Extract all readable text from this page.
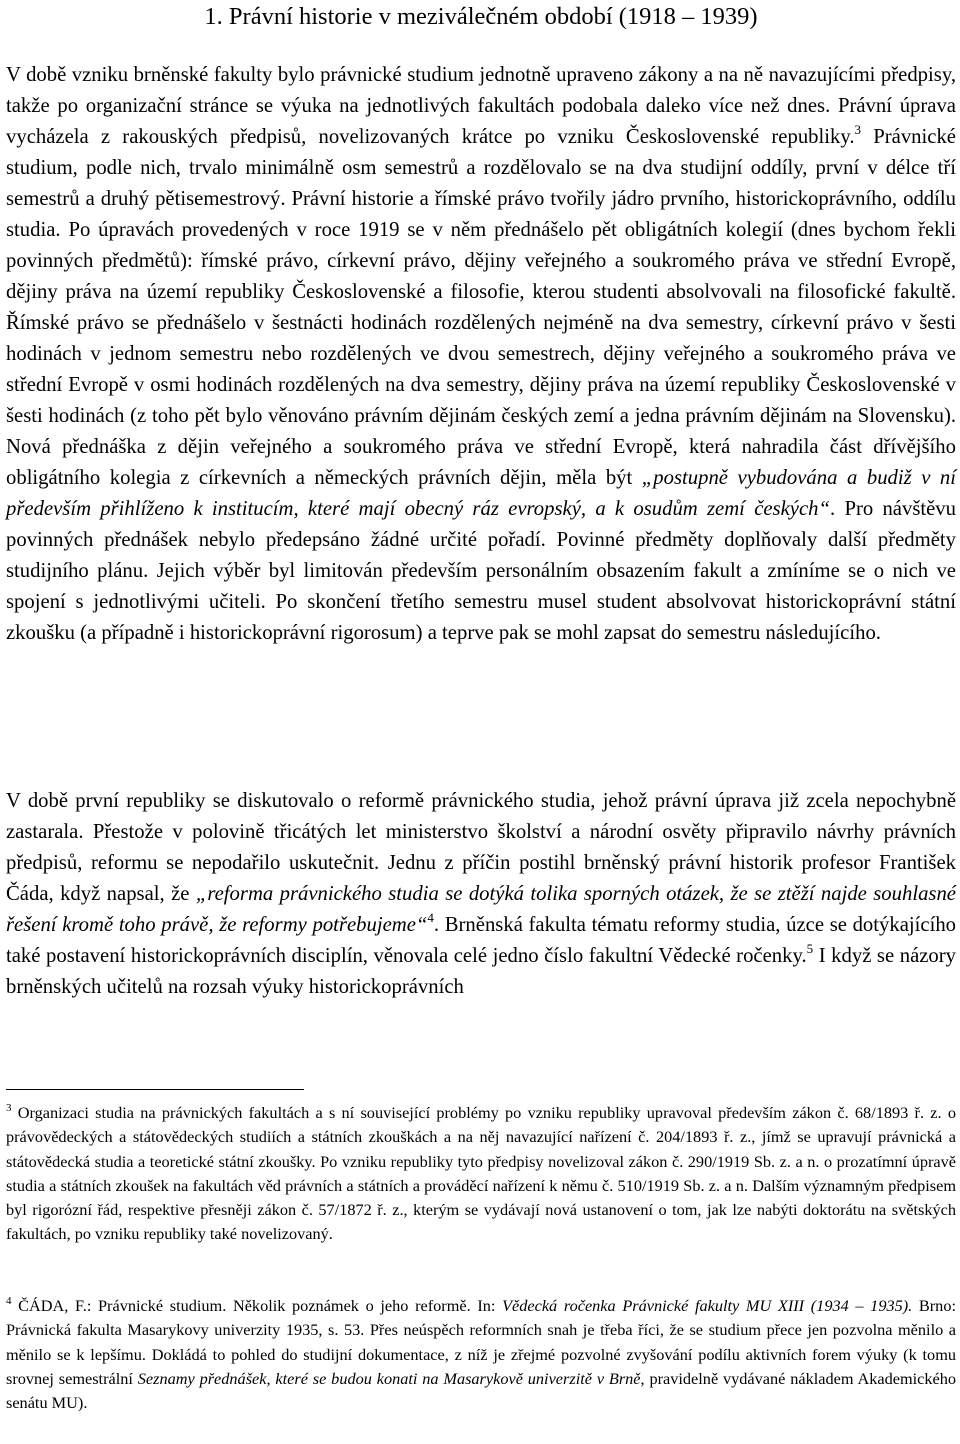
1. Právní historie v meziválečném období (1918 – 1939)

V době vzniku brněnské fakulty bylo právnické studium jednotně upraveno zákony a na ně navazujícími předpisy, takže po organizační stránce se výuka na jednotlivých fakultách podobala daleko více než dnes. Právní úprava vycházela z rakouských předpisů, novelizovaných krátce po vzniku Československé republiky.$^3$ Právnické studium, podle nich, trvalo minimálně osm semestrů a rozdělovalo se na dva studijní oddíly, první v délce tří semestrů a druhý pětisemestrový. Právní historie a římské právo tvořily jádro prvního, historickoprávního, oddílu studia. Po úpravách provedených v roce 1919 se v něm přednášelo pět obligátních kolegií (dnes bychom řekli povinných předmětů): římské právo, církevní právo, dějiny veřejného a soukromého práva ve střední Evropě, dějiny práva na území republiky Československé a filosofie, kterou studenti absolvovali na filosofické fakultě. Římské právo se přednášelo v šestnácti hodinách rozdělených nejméně na dva semestry, církevní právo v šesti hodinách v jednom semestru nebo rozdělených ve dvou semestrech, dějiny veřejného a soukromého práva ve střední Evropě v osmi hodinách rozdělených na dva semestry, dějiny práva na území republiky Československé v šesti hodinách (z toho pět bylo věnováno právním dějinám českých zemí a jedna právním dějinám na Slovensku). Nová přednáška z dějin veřejného a soukromého práva ve střední Evropě, která nahradila část dřívějšího obligátního kolegia z církevních a německých právních dějin, měla být „postupně vybudována a budiž v ní především přihlíženo k institucím, které mají obecný ráz evropský, a k osudům zemí českých“. Pro návštěvu povinných přednášek nebylo předepsáno žádné určité pořadí. Povinné předměty doplňovaly další předměty studijního plánu. Jejich výběr byl limitován především personálním obsazením fakult a zmíníme se o nich ve spojení s jednotlivými učiteli. Po skončení třetího semestru musel student absolvovat historickoprávní státní zkoušku (a případně i historickoprávní rigorosum) a teprve pak se mohl zapsat do semestru následujícího.

V době první republiky se diskutovalo o reformě právnického studia, jehož právní úprava již zcela nepochybně zastarala. Přestože v polovině třicátých let ministerstvo školství a národní osvěty připravilo návrhy právních předpisů, reformu se nepodařilo uskutečnit. Jednu z příčin postihl brněnský právní historik profesor František Čáda, když napsal, že „reforma právnického studia se dotýká tolika sporných otázek, že se ztěží najde souhlasné řešení kromě toho právě, že reformy potřebujeme“$^4$. Brněnská fakulta tématu reformy studia, úzce se dotýkajícího také postavení historickoprávních disciplín, věnovala celé jedno číslo fakultní Vědecké ročenky.$^5$ I když se názory brněnských učitelů na rozsah výuky historickoprávních

$^3$ Organizaci studia na právnických fakultách a s ní související problémy po vzniku republiky upravoval především zákon č. 68/1893 ř. z. o právovědeckých a státovědeckých studiích a státních zkouškách a na něj navazující nařízení č. 204/1893 ř. z., jímž se upravují právnická a státovědecká studia a teoretické státní zkoušky. Po vzniku republiky tyto předpisy novelizoval zákon č. 290/1919 Sb. z. a n. o prozatímní úpravě studia a státních zkoušek na fakultách věd právních a státních a prováděcí nařízení k němu č. 510/1919 Sb. z. a n. Dalším významným předpisem byl rigorózní řád, respektive přesněji zákon č. 57/1872 ř. z., kterým se vydávají nová ustanovení o tom, jak lze nabýti doktorátu na světských fakultách, po vzniku republiky také novelizovaný.

$^4$ ČÁDA, F.: Právnické studium. Několik poznámek o jeho reformě. In: Vědecká ročenka Právnické fakulty MU XIII (1934 – 1935). Brno: Právnická fakulta Masarykovy univerzity 1935, s. 53. Přes neúspěch reformních snah je třeba říci, že se studium přece jen pozvolna měnilo a měnilo se k lepšímu. Dokládá to pohled do studijní dokumentace, z níž je zřejmé pozvolné zvyšování podílu aktivních forem výuky (k tomu srovnej semestrální Seznamy přednášek, které se budou konati na Masarykově univerzitě v Brně, pravidelně vydávané nákladem Akademického senátu MU).
